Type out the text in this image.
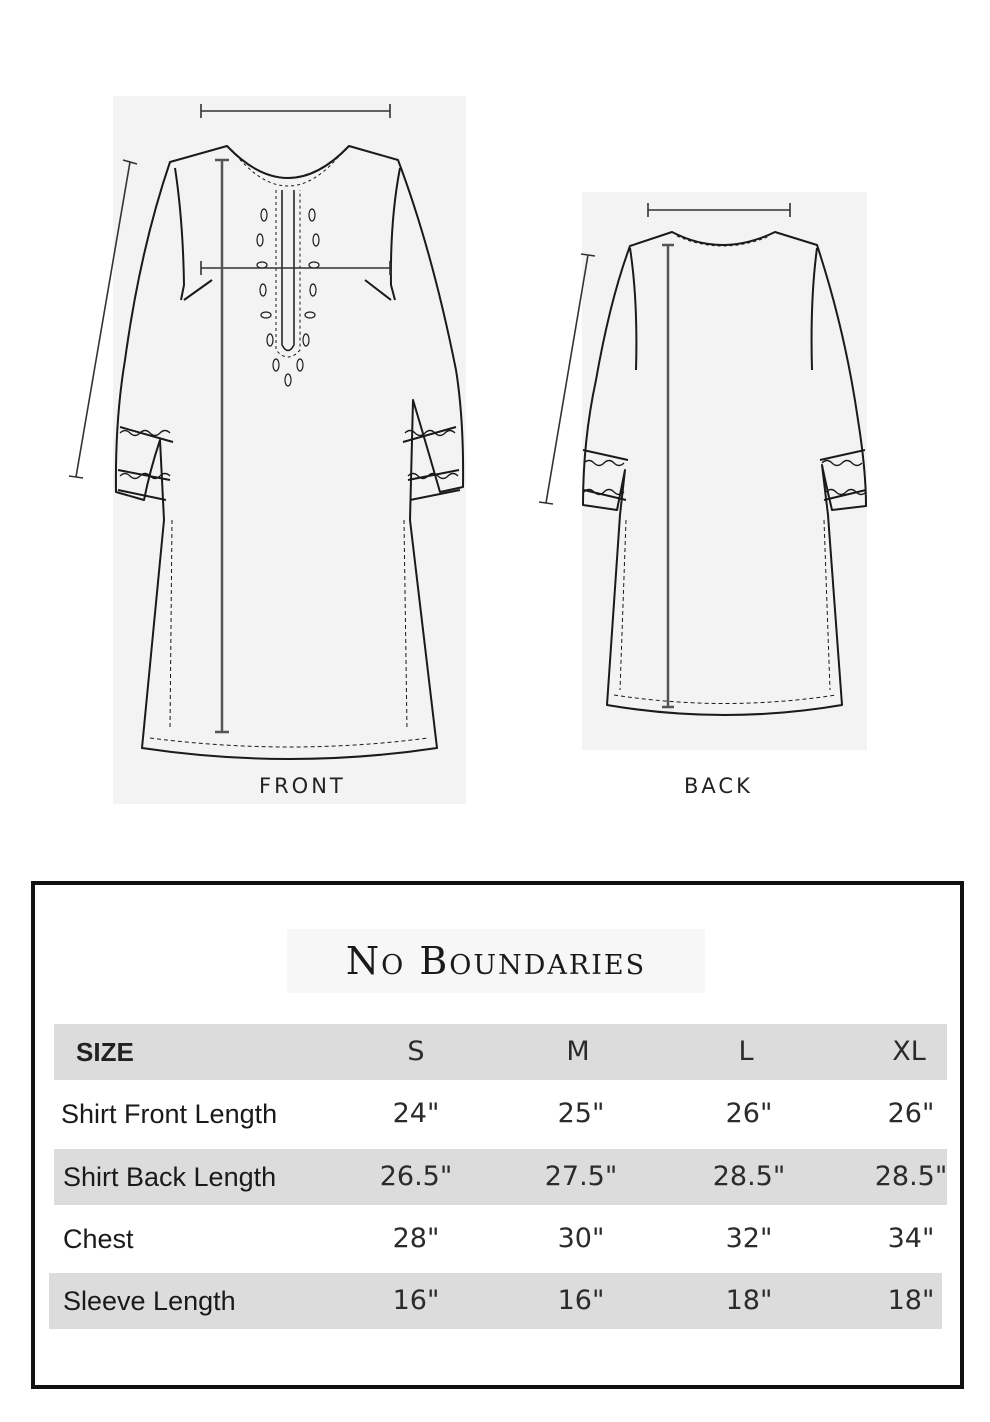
FRONT	BACK
No Boundaries
SIZE	S	M	L	XL
Shirt Front Length	24"	25"	26"	26"
Shirt Back Length	26.5"	27.5"	28.5"	28.5"
Chest	28"	30"	32"	34"
Sleeve Length	16"	16"	18"	18"
